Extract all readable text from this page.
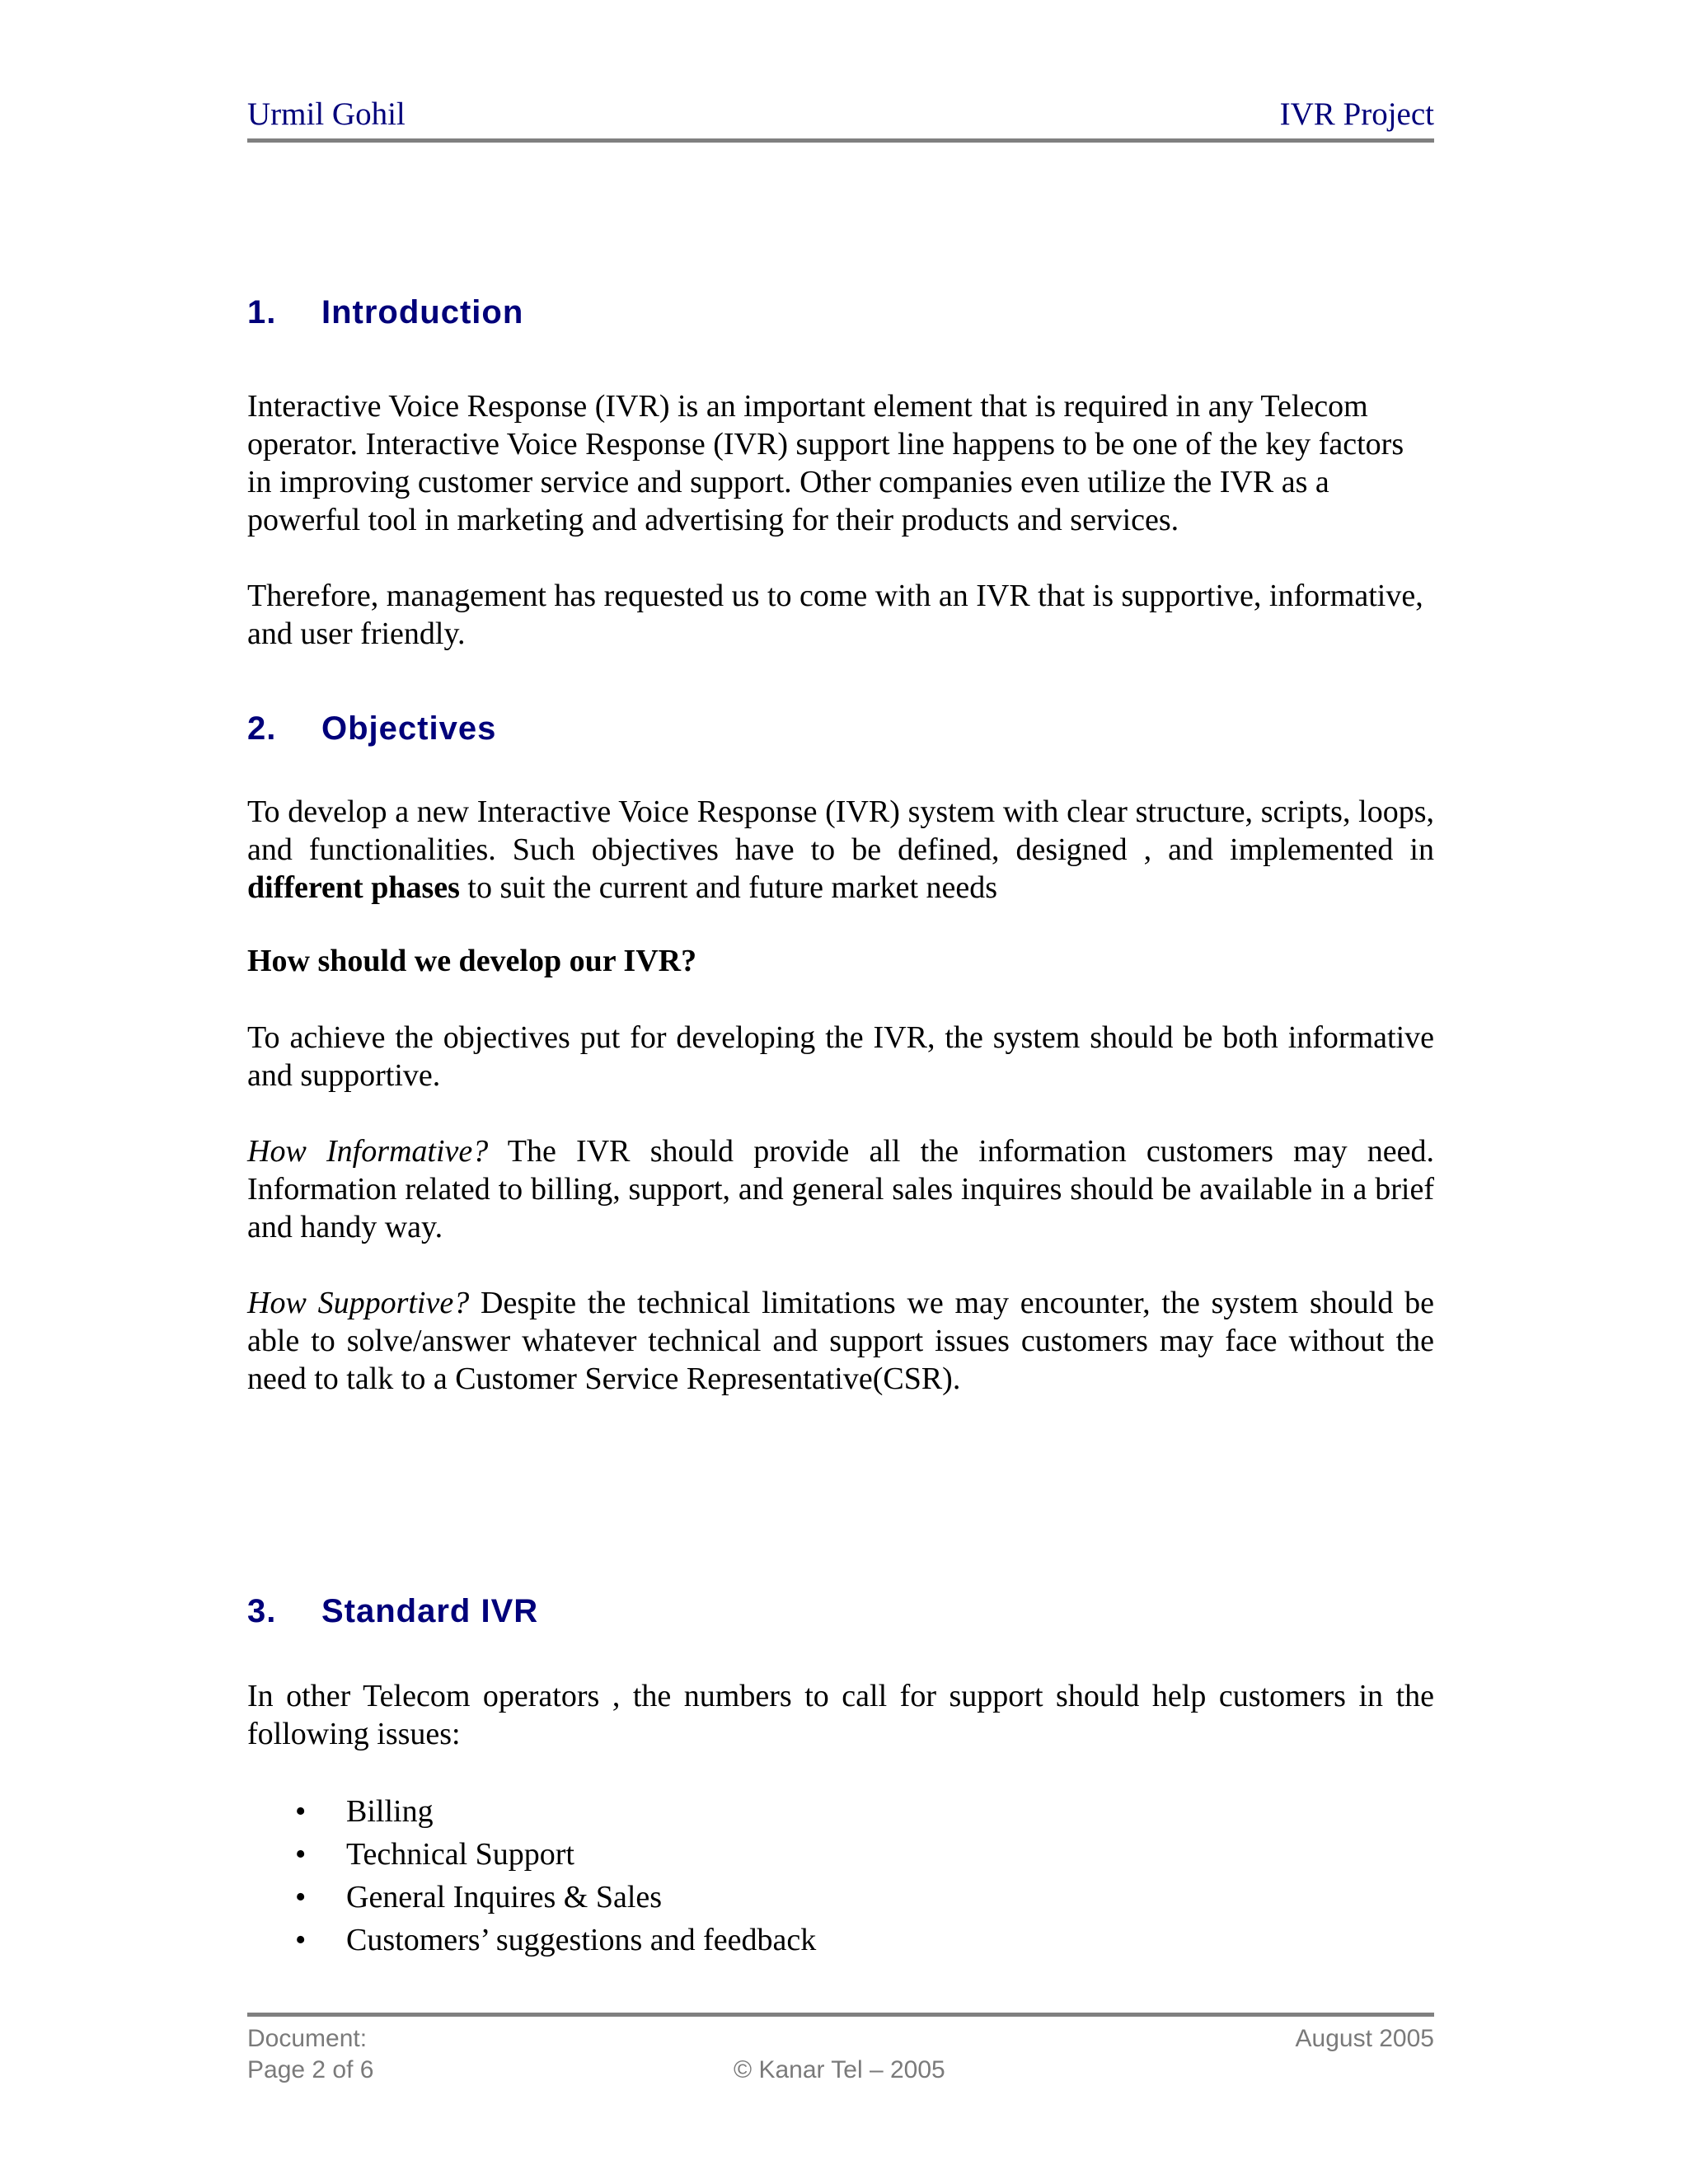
Urmil Gohil	IVR Project
1. Introduction

Interactive Voice Response (IVR) is an important element that is required in any Telecom operator. Interactive Voice Response (IVR) support line happens to be one of the key factors in improving customer service and support. Other companies even utilize the IVR as a powerful tool in marketing and advertising for their products and services.

Therefore, management has requested us to come with an IVR that is supportive, informative, and user friendly.

2. Objectives

To develop a new Interactive Voice Response (IVR) system with clear structure, scripts, loops, and functionalities. Such objectives have to be defined, designed , and implemented in different phases to suit the current and future market needs

How should we develop our IVR?

To achieve the objectives put for developing the IVR, the system should be both informative and supportive.

How Informative? The IVR should provide all the information customers may need. Information related to billing, support, and general sales inquires should be available in a brief and handy way.

How Supportive? Despite the technical limitations we may encounter, the system should be able to solve/answer whatever technical and support issues customers may face without the need to talk to a Customer Service Representative(CSR).

3. Standard IVR

In other Telecom operators , the numbers to call for support should help customers in the following issues:

• Billing
• Technical Support
• General Inquires & Sales
• Customers’ suggestions and feedback
Document:
Page 2 of 6	© Kanar Tel – 2005
August 2005
